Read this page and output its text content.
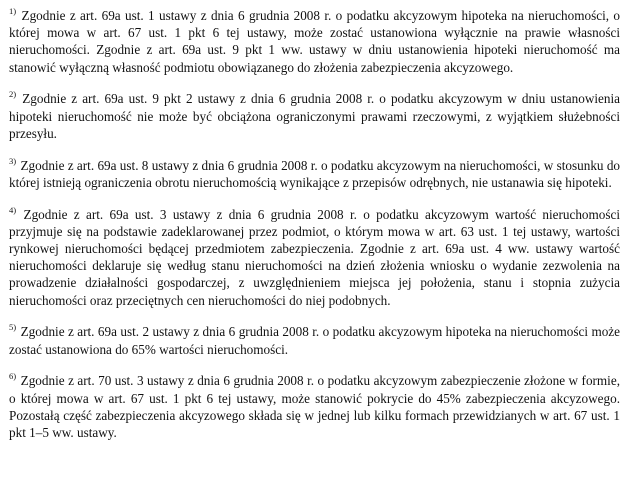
$^{1)}$ Zgodnie z art. 69a ust. 1 ustawy z dnia 6 grudnia 2008 r. o podatku akcyzowym hipoteka na nieruchomości, o której mowa w art. 67 ust. 1 pkt 6 tej ustawy, może zostać ustanowiona wyłącznie na prawie własności nieruchomości. Zgodnie z art. 69a ust. 9 pkt 1 ww. ustawy w dniu ustanowienia hipoteki nieruchomość ma stanowić wyłączną własność podmiotu obowiązanego do złożenia zabezpieczenia akcyzowego.

$^{2)}$ Zgodnie z art. 69a ust. 9 pkt 2 ustawy z dnia 6 grudnia 2008 r. o podatku akcyzowym w dniu ustanowienia hipoteki nieruchomość nie może być obciążona ograniczonymi prawami rzeczowymi, z wyjątkiem służebności przesyłu.

$^{3)}$ Zgodnie z art. 69a ust. 8 ustawy z dnia 6 grudnia 2008 r. o podatku akcyzowym na nieruchomości, w stosunku do której istnieją ograniczenia obrotu nieruchomością wynikające z przepisów odrębnych, nie ustanawia się hipoteki.

$^{4)}$ Zgodnie z art. 69a ust. 3 ustawy z dnia 6 grudnia 2008 r. o podatku akcyzowym wartość nieruchomości przyjmuje się na podstawie zadeklarowanej przez podmiot, o którym mowa w art. 63 ust. 1 tej ustawy, wartości rynkowej nieruchomości będącej przedmiotem zabezpieczenia. Zgodnie z art. 69a ust. 4 ww. ustawy wartość nieruchomości deklaruje się według stanu nieruchomości na dzień złożenia wniosku o wydanie zezwolenia na prowadzenie działalności gospodarczej, z uwzględnieniem miejsca jej położenia, stanu i stopnia zużycia nieruchomości oraz przeciętnych cen nieruchomości do niej podobnych.

$^{5)}$ Zgodnie z art. 69a ust. 2 ustawy z dnia 6 grudnia 2008 r. o podatku akcyzowym hipoteka na nieruchomości może zostać ustanowiona do 65% wartości nieruchomości.

$^{6)}$ Zgodnie z art. 70 ust. 3 ustawy z dnia 6 grudnia 2008 r. o podatku akcyzowym zabezpieczenie złożone w formie, o której mowa w art. 67 ust. 1 pkt 6 tej ustawy, może stanowić pokrycie do 45% zabezpieczenia akcyzowego. Pozostałą część zabezpieczenia akcyzowego składa się w jednej lub kilku formach przewidzianych w art. 67 ust. 1 pkt 1–5 ww. ustawy.
